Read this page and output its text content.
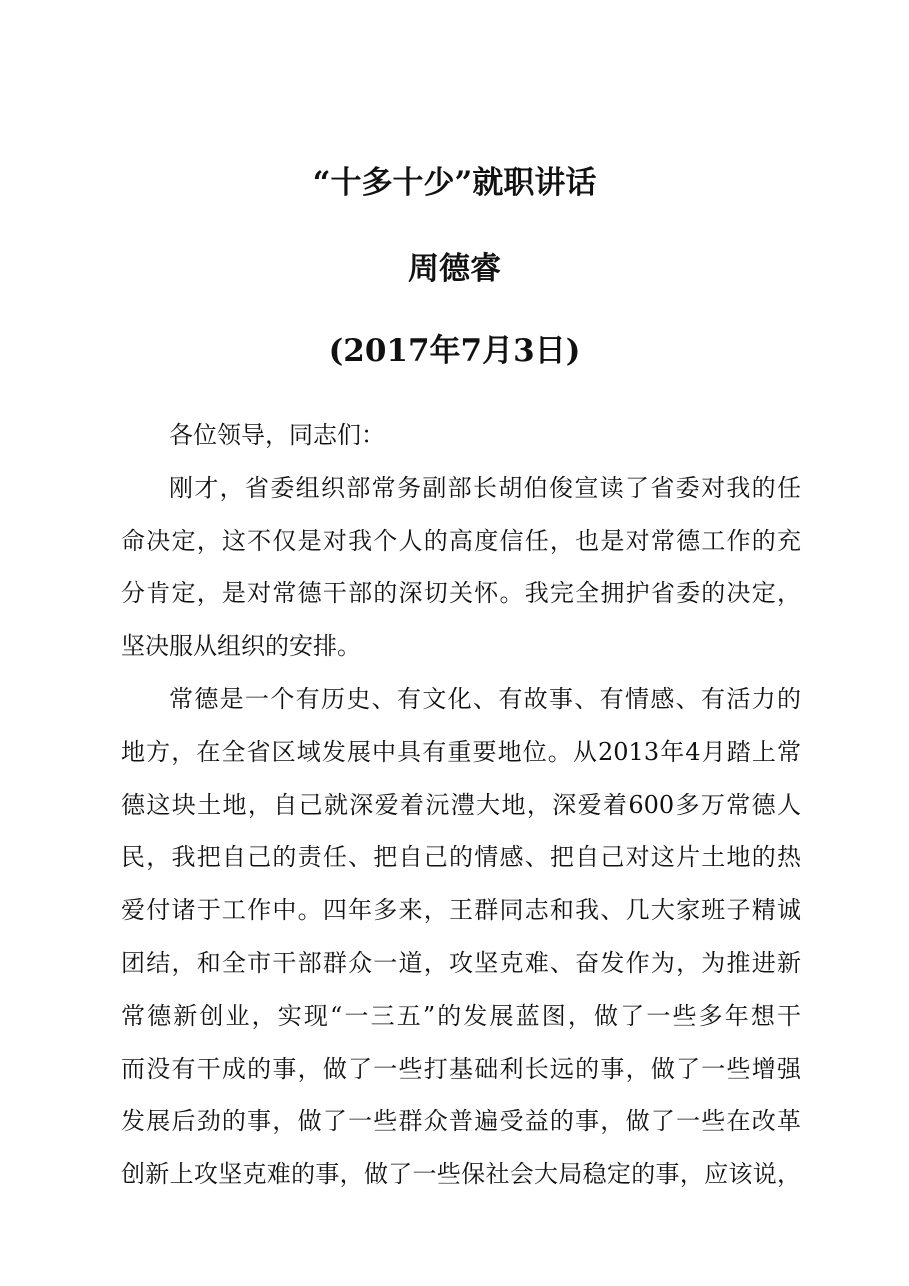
“十多十少”就职讲话
周德睿
(2017年7月3日)

各位领导，同志们：

刚才，省委组织部常务副部长胡伯俊宣读了省委对我的任
命决定，这不仅是对我个人的高度信任，也是对常德工作的充
分肯定，是对常德干部的深切关怀。我完全拥护省委的决定，
坚决服从组织的安排。

常德是一个有历史、有文化、有故事、有情感、有活力的
地方，在全省区域发展中具有重要地位。从2013年4月踏上常
德这块土地，自己就深爱着沅澧大地，深爱着600多万常德人
民，我把自己的责任、把自己的情感、把自己对这片土地的热
爱付诸于工作中。四年多来，王群同志和我、几大家班子精诚
团结，和全市干部群众一道，攻坚克难、奋发作为，为推进新
常德新创业，实现“一三五”的发展蓝图，做了一些多年想干
而没有干成的事，做了一些打基础利长远的事，做了一些增强
发展后劲的事，做了一些群众普遍受益的事，做了一些在改革
创新上攻坚克难的事，做了一些保社会大局稳定的事，应该说，
